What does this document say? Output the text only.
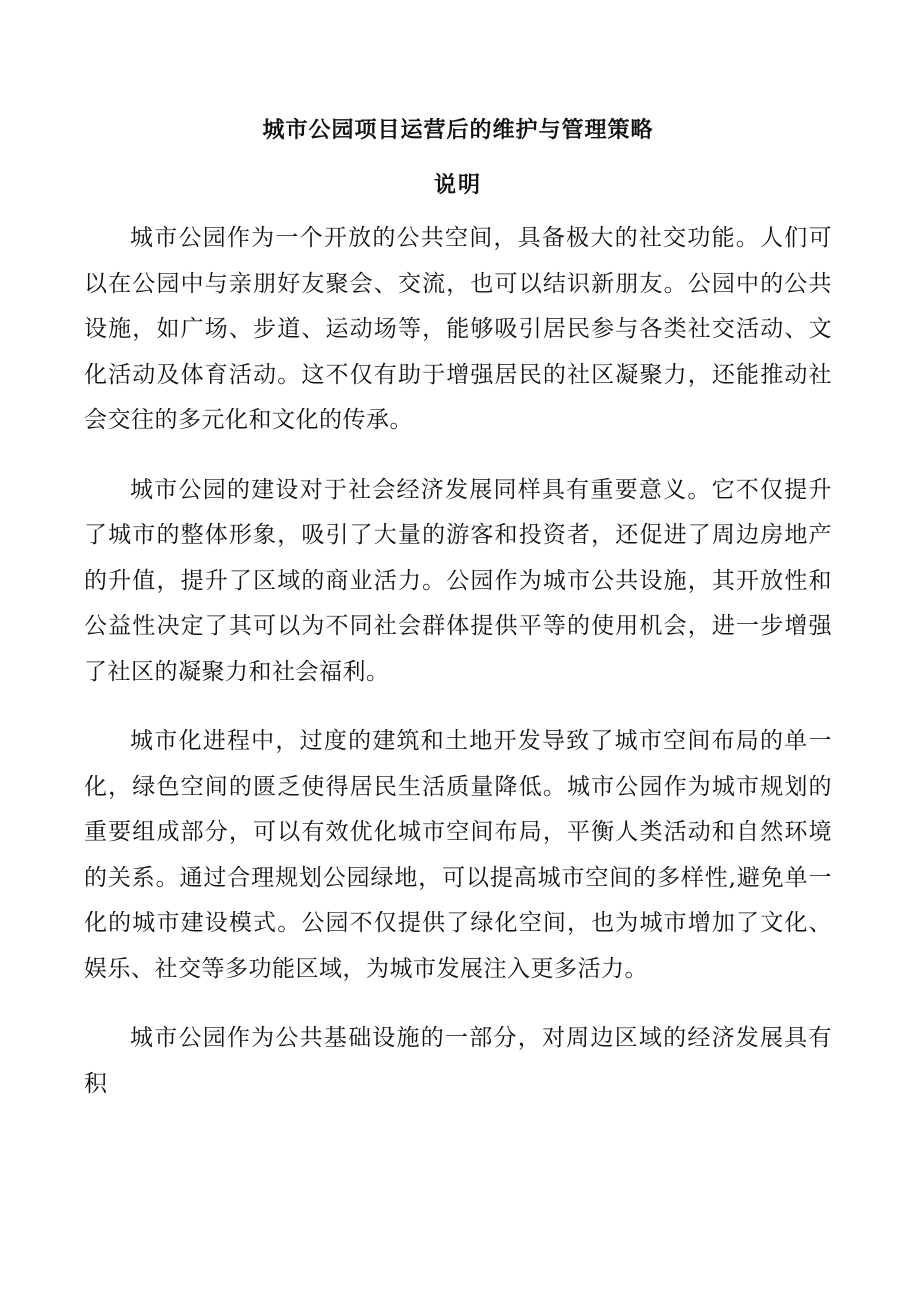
城市公园项目运营后的维护与管理策略
说明

城市公园作为一个开放的公共空间，具备极大的社交功能。人们可以在公园中与亲朋好友聚会、交流，也可以结识新朋友。公园中的公共设施，如广场、步道、运动场等，能够吸引居民参与各类社交活动、文化活动及体育活动。这不仅有助于增强居民的社区凝聚力，还能推动社会交往的多元化和文化的传承。

城市公园的建设对于社会经济发展同样具有重要意义。它不仅提升了城市的整体形象，吸引了大量的游客和投资者，还促进了周边房地产的升值，提升了区域的商业活力。公园作为城市公共设施，其开放性和公益性决定了其可以为不同社会群体提供平等的使用机会，进一步增强了社区的凝聚力和社会福利。

城市化进程中，过度的建筑和土地开发导致了城市空间布局的单一化，绿色空间的匮乏使得居民生活质量降低。城市公园作为城市规划的重要组成部分，可以有效优化城市空间布局，平衡人类活动和自然环境的关系。通过合理规划公园绿地，可以提高城市空间的多样性,避免单一化的城市建设模式。公园不仅提供了绿化空间，也为城市增加了文化、娱乐、社交等多功能区域，为城市发展注入更多活力。

城市公园作为公共基础设施的一部分，对周边区域的经济发展具有积
